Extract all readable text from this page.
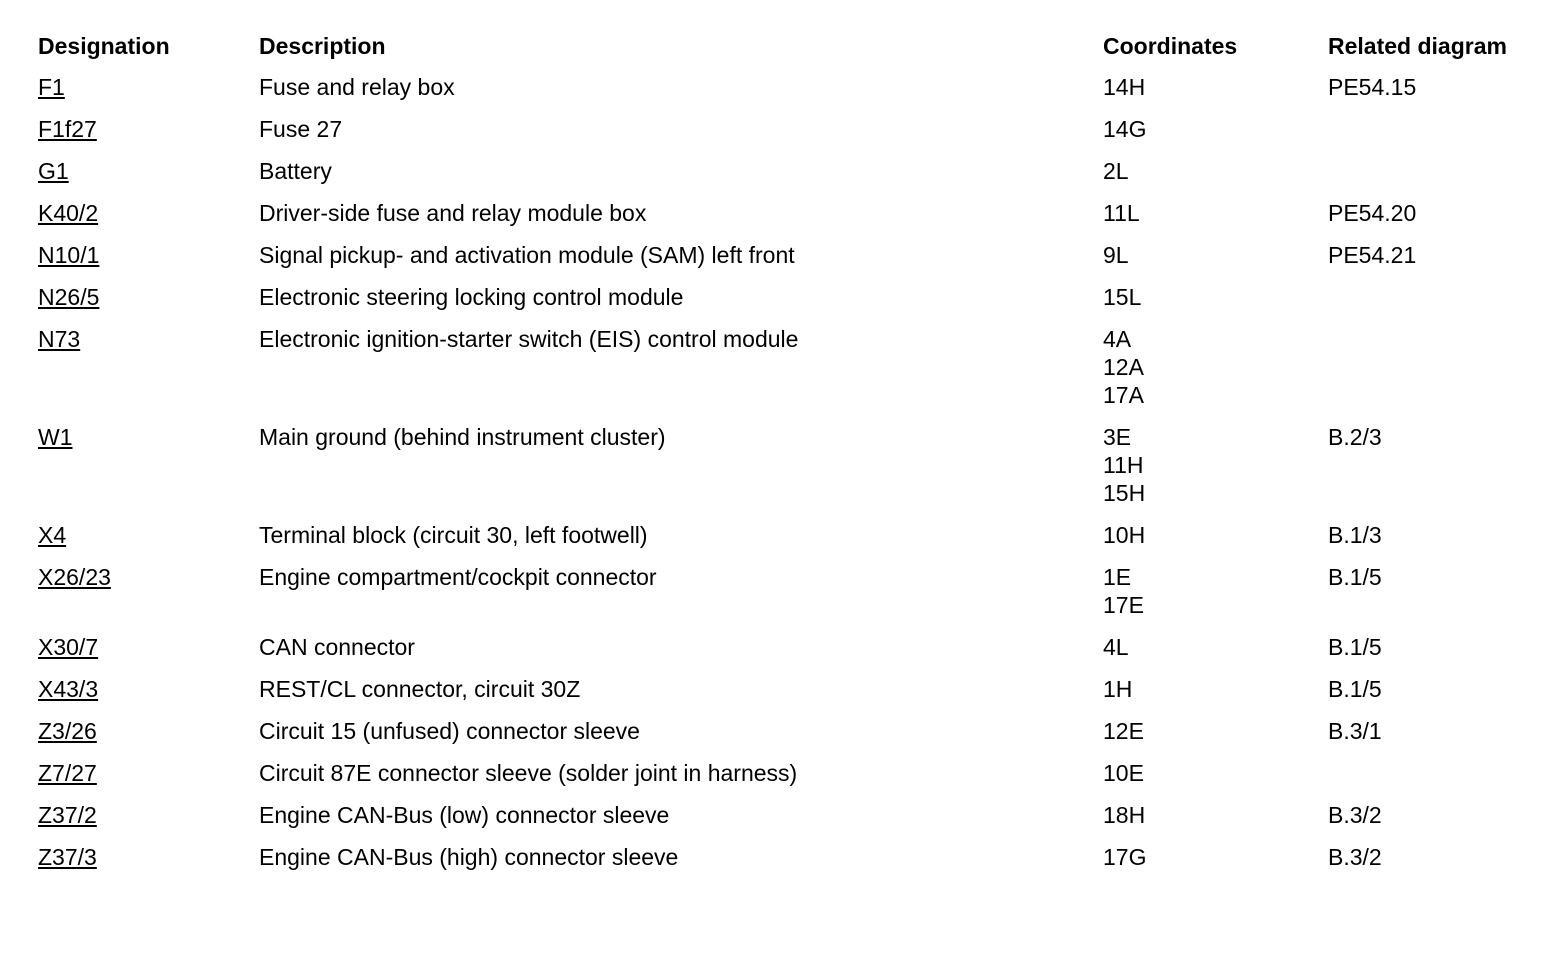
Designation	Description	Coordinates	Related diagram
F1	Fuse and relay box	14H	PE54.15
F1f27	Fuse 27	14G	

G1	Battery	2L	

K40/2	Driver-side fuse and relay module box	11L	PE54.20
N10/1	Signal pickup- and activation module (SAM) left front	9L	PE54.21
N26/5	Electronic steering locking control module	15L	

N73	Electronic ignition-starter switch (EIS) control module	4A
12A
17A	

W1	Main ground (behind instrument cluster)	3E
11H
15H	B.2/3
X4	Terminal block (circuit 30, left footwell)	10H	B.1/3
X26/23	Engine compartment/cockpit connector	1E
17E	B.1/5
X30/7	CAN connector	4L	B.1/5
X43/3	REST/CL connector, circuit 30Z	1H	B.1/5
Z3/26	Circuit 15 (unfused) connector sleeve	12E	B.3/1
Z7/27	Circuit 87E connector sleeve (solder joint in harness)	10E	

Z37/2	Engine CAN-Bus (low) connector sleeve	18H	B.3/2
Z37/3	Engine CAN-Bus (high) connector sleeve	17G	B.3/2
